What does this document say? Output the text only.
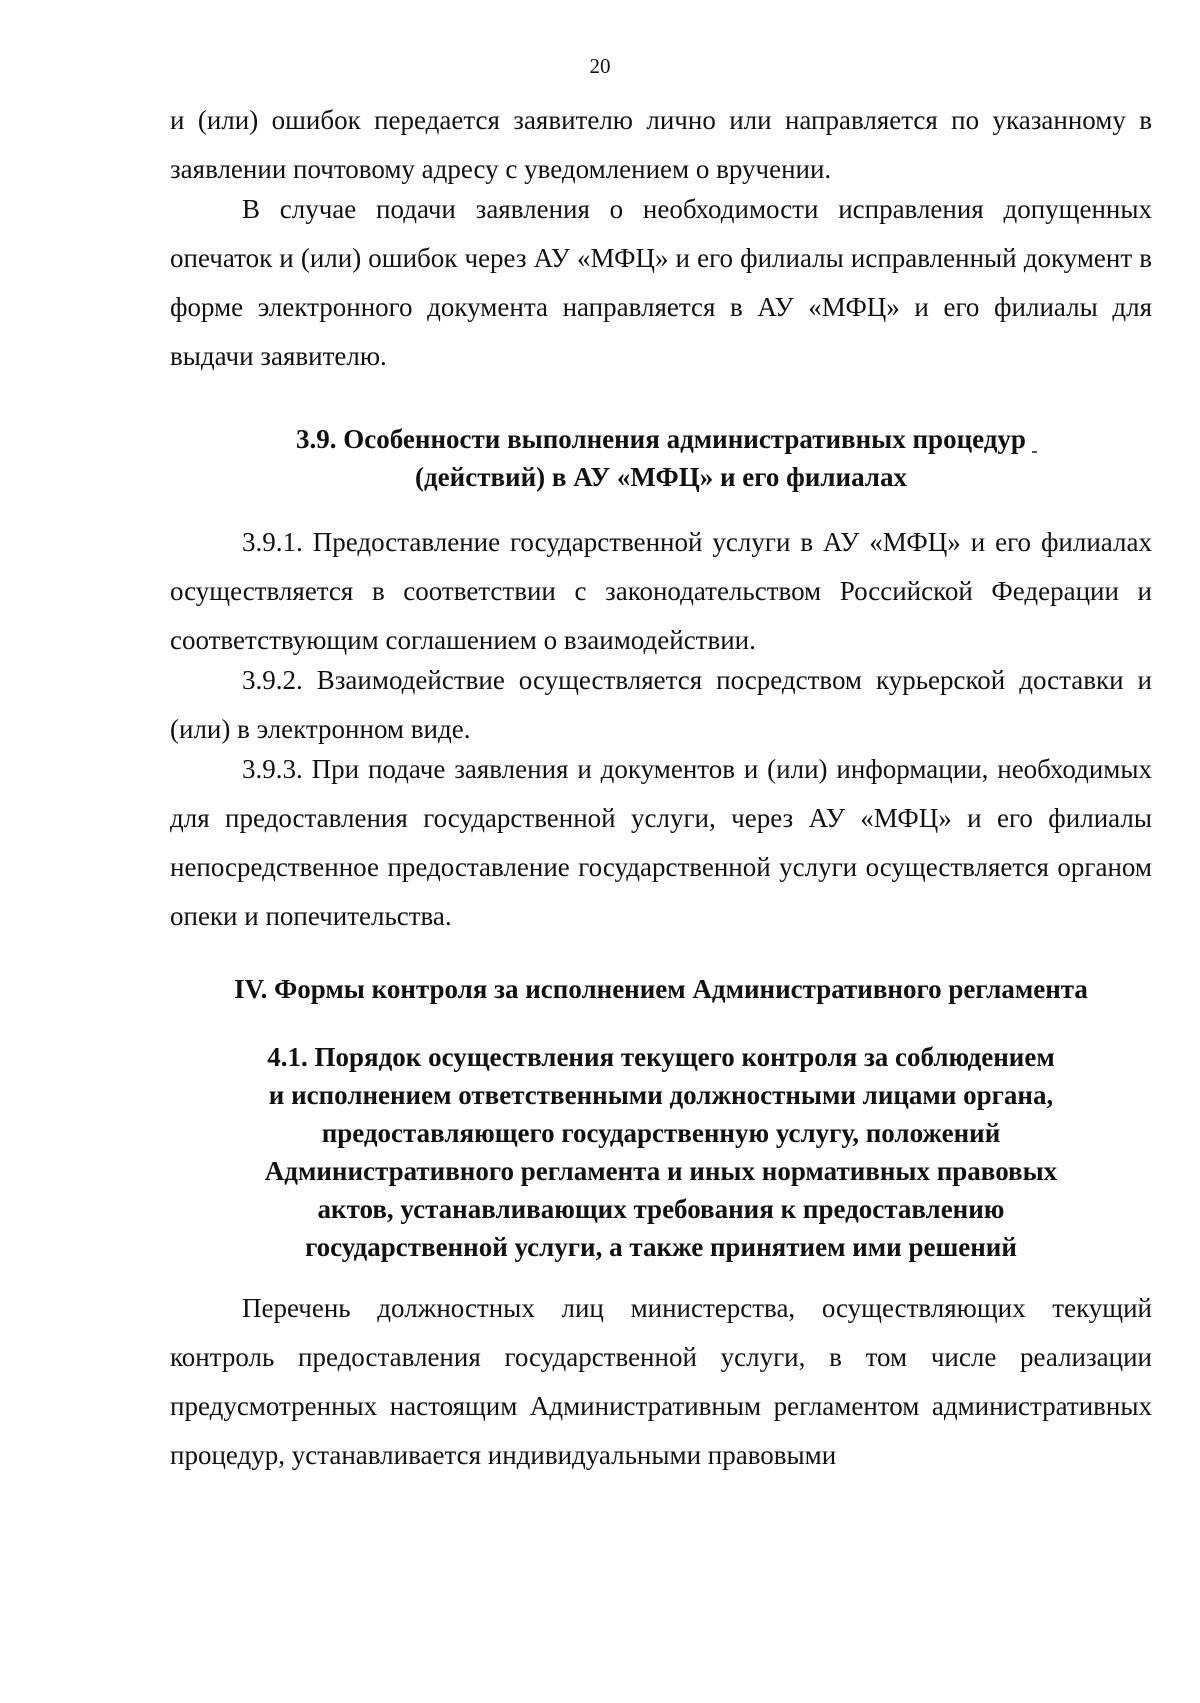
20

и (или) ошибок передается заявителю лично или направляется по указанному в заявлении почтовому адресу с уведомлением о вручении.

В случае подачи заявления о необходимости исправления допущенных опечаток и (или) ошибок через АУ «МФЦ» и его филиалы исправленный документ в форме электронного документа направляется в АУ «МФЦ» и его филиалы для выдачи заявителю.

3.9. Особенности выполнения административных процедур
(действий) в АУ «МФЦ» и его филиалах

3.9.1. Предоставление государственной услуги в АУ «МФЦ» и его филиалах осуществляется в соответствии с законодательством Российской Федерации и соответствующим соглашением о взаимодействии.

3.9.2. Взаимодействие осуществляется посредством курьерской доставки и (или) в электронном виде.

3.9.3. При подаче заявления и документов и (или) информации, необходимых для предоставления государственной услуги, через АУ «МФЦ» и его филиалы непосредственное предоставление государственной услуги осуществляется органом опеки и попечительства.

IV. Формы контроля за исполнением Административного регламента
4.1. Порядок осуществления текущего контроля за соблюдением
и исполнением ответственными должностными лицами органа,
предоставляющего государственную услугу, положений
Административного регламента и иных нормативных правовых
актов, устанавливающих требования к предоставлению
государственной услуги, а также принятием ими решений

Перечень должностных лиц министерства, осуществляющих текущий контроль предоставления государственной услуги, в том числе реализации предусмотренных настоящим Административным регламентом административных процедур, устанавливается индивидуальными правовыми
